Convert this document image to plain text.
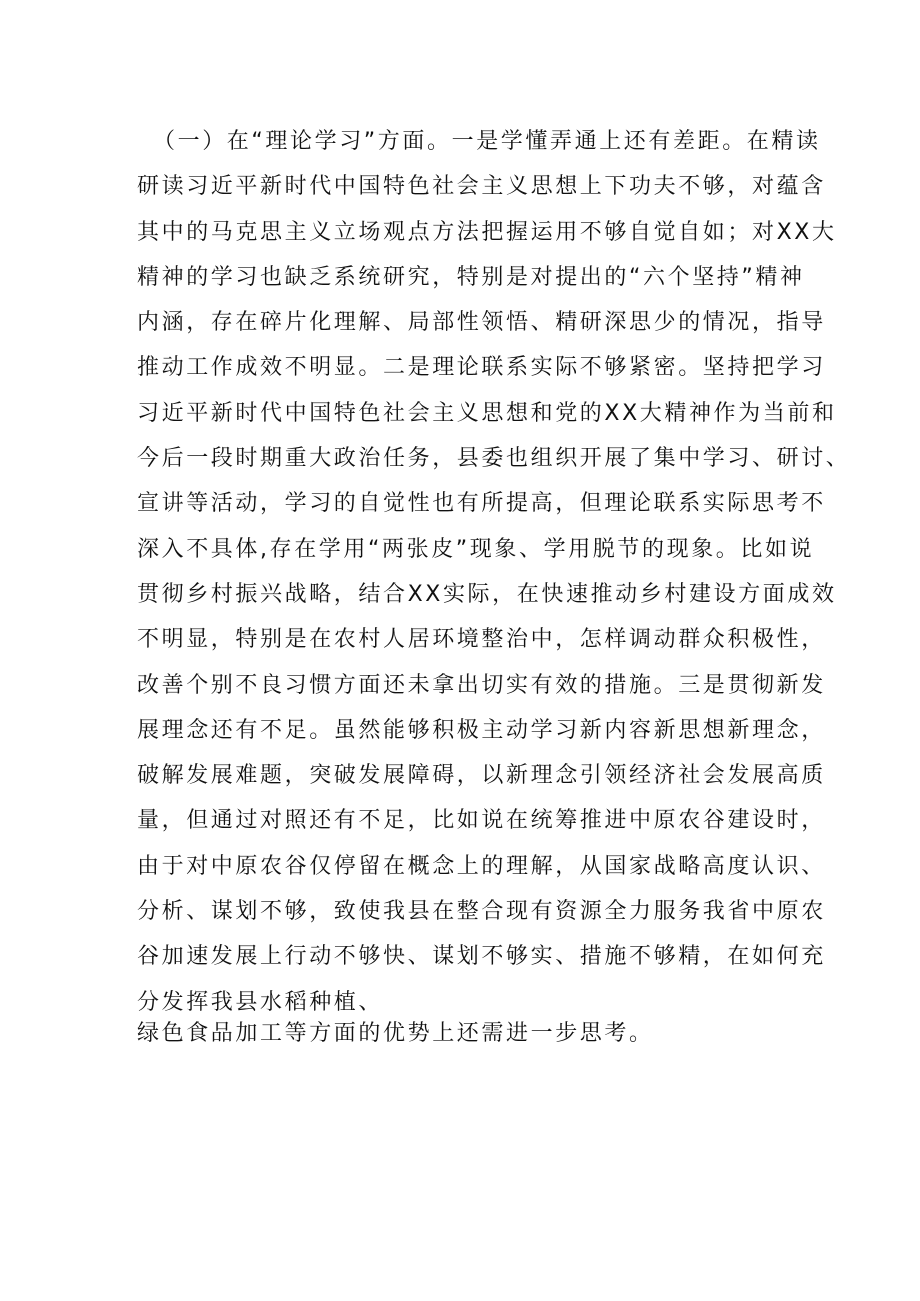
（一）在“理论学习”方面。一是学懂弄通上还有差距。在精读
研读习近平新时代中国特色社会主义思想上下功夫不够，对蕴含
其中的马克思主义立场观点方法把握运用不够自觉自如；对XX大
精神的学习也缺乏系统研究，特别是对提出的“六个坚持”精神
内涵，存在碎片化理解、局部性领悟、精研深思少的情况，指导
推动工作成效不明显。二是理论联系实际不够紧密。坚持把学习
习近平新时代中国特色社会主义思想和党的XX大精神作为当前和
今后一段时期重大政治任务，县委也组织开展了集中学习、研讨、
宣讲等活动，学习的自觉性也有所提高，但理论联系实际思考不
深入不具体,存在学用“两张皮”现象、学用脱节的现象。比如说
贯彻乡村振兴战略，结合XX实际，在快速推动乡村建设方面成效
不明显，特别是在农村人居环境整治中，怎样调动群众积极性，
改善个别不良习惯方面还未拿出切实有效的措施。三是贯彻新发
展理念还有不足。虽然能够积极主动学习新内容新思想新理念，
破解发展难题，突破发展障碍，以新理念引领经济社会发展高质
量，但通过对照还有不足，比如说在统筹推进中原农谷建设时，
由于对中原农谷仅停留在概念上的理解，从国家战略高度认识、
分析、谋划不够，致使我县在整合现有资源全力服务我省中原农
谷加速发展上行动不够快、谋划不够实、措施不够精，在如何充
分发挥我县水稻种植、
绿色食品加工等方面的优势上还需进一步思考。
